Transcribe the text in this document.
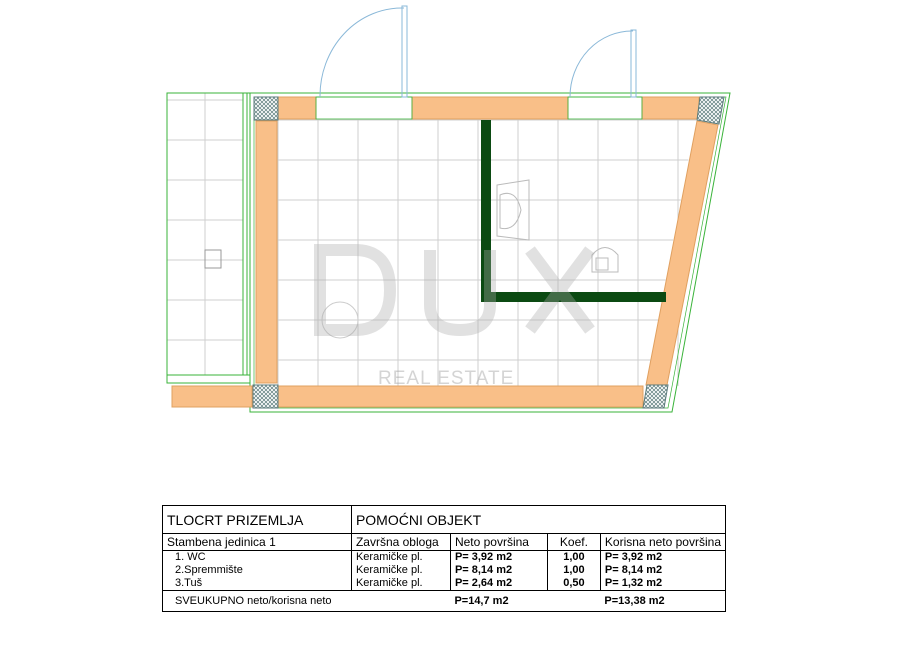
REAL ESTATE
TLOCRT PRIZEMLJA	POMOĆNI OBJEKT			
Stambena jedinica 1	Završna obloga	Neto površina	Koef.	Korisna neto površina
1. WC	Keramičke pl.	P= 3,92 m2	1,00	P= 3,92 m2
2.Spremmište	Keramičke pl.	P= 8,14 m2	1,00	P= 8,14 m2
3.Tuš	Keramičke pl.	P= 2,64 m2	0,50	P= 1,32 m2
SVEUKUPNO neto/korisna neto		P=14,7 m2		P=13,38 m2
